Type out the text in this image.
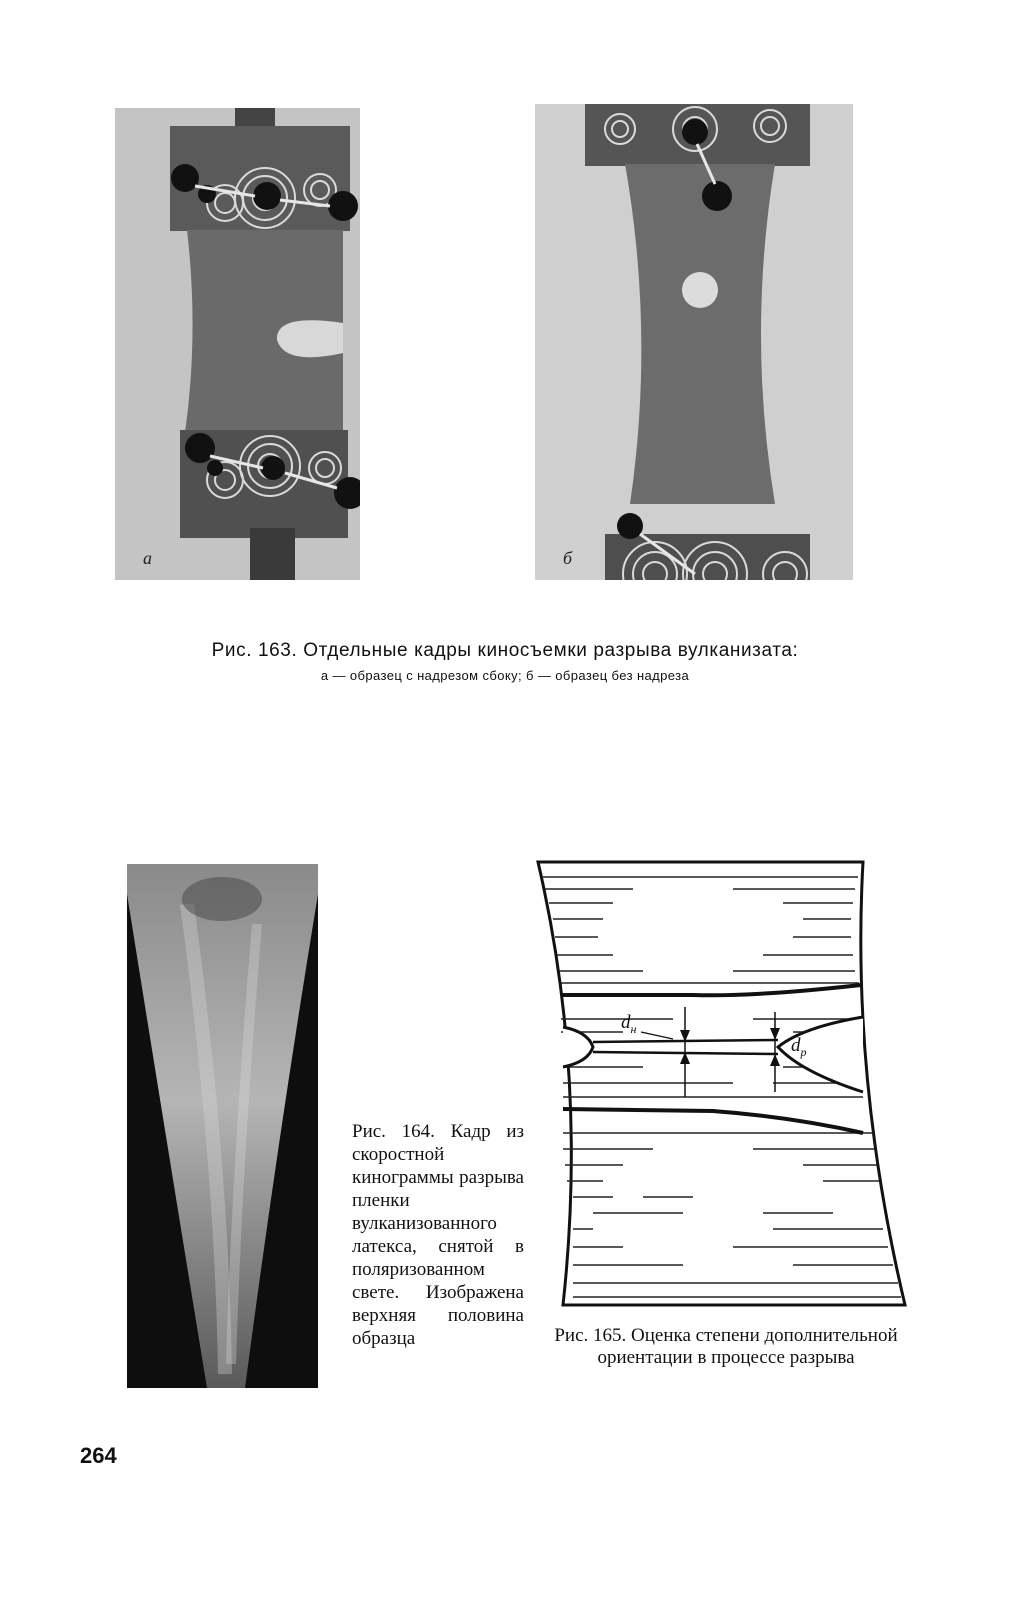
а	б
Рис. 163. Отдельные кадры киносъемки разрыва вулканизата:
а — образец с надрезом сбоку; б — образец без надреза
Рис. 164. Кадр из скоростной кинограммы разрыва пленки вулканизованного латекса, снятой в поляризованном свете. Изображена верхняя половина образца
$d_н$
$d_p$
Рис. 165. Оценка степени дополнительной ориентации в процессе разрыва
264
